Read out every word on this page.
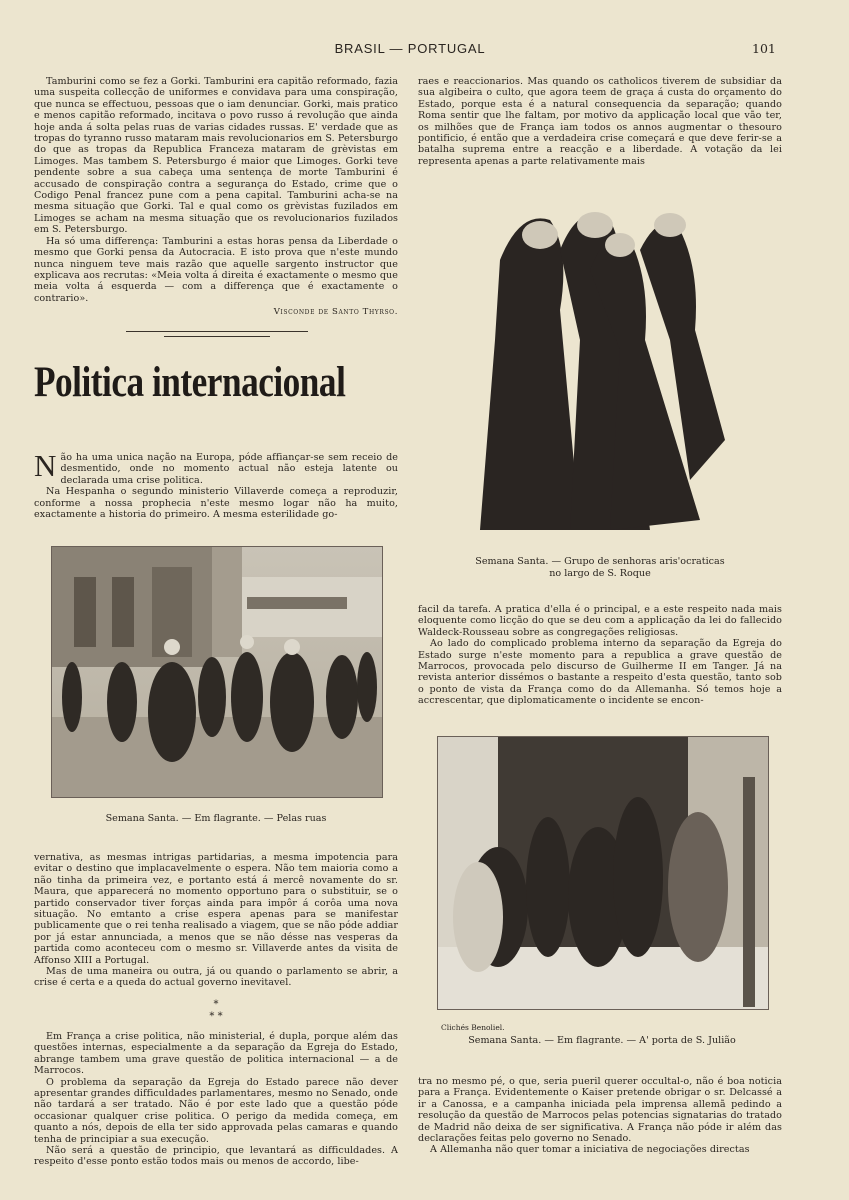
BRASIL — PORTUGAL	101

Tamburini como se fez a Gorki. Tamburini era capitão reformado, fazia uma suspeita collecção de uniformes e convidava para uma conspiração, que nunca se effectuou, pessoas que o iam denunciar. Gorki, mais pratico e menos capitão reformado, incitava o povo russo á revolução que ainda hoje anda á solta pelas ruas de varias cidades russas. E' verdade que as tropas do tyranno russo mataram mais revolucionarios em S. Petersburgo do que as tropas da Republica Franceza mataram de grèvistas em Limoges. Mas tambem S. Petersburgo é maior que Limoges. Gorki teve pendente sobre a sua cabeça uma sentença de morte Tamburini é accusado de conspiração contra a segurança do Estado, crime que o Codigo Penal francez pune com a pena capital. Tamburini acha-se na mesma situação que Gorki. Tal e qual como os grèvistas fuzilados em Limoges se acham na mesma situação que os revolucionarios fuzilados em S. Petersburgo.

Ha só uma differença: Tamburini a estas horas pensa da Liberdade o mesmo que Gorki pensa da Autocracia. E isto prova que n'este mundo nunca ninguem teve mais razão que aquelle sargento instructor que explicava aos recrutas: «Meia volta á direita é exactamente o mesmo que meia volta á esquerda — com a differença que é exactamente o contrario».

Visconde de Santo Thyrso.
Politica internacional

Não ha uma unica nação na Europa, póde affiançar-se sem receio de desmentido, onde no momento actual não esteja latente ou declarada uma crise politica.

Na Hespanha o segundo ministerio Villaverde começa a reproduzir, conforme a nossa prophecia n'este mesmo logar não ha muito, exactamente a historia do primeiro. A mesma esterilidade go-

Semana Santa. — Em flagrante. — Pelas ruas

vernativa, as mesmas intrigas partidarias, a mesma impotencia para evitar o destino que implacavelmente o espera. Não tem maioria como a não tinha da primeira vez, e portanto está á mercê novamente do sr. Maura, que apparecerá no momento opportuno para o substituir, se o partido conservador tiver forças ainda para impôr á corôa uma nova situação. No emtanto a crise espera apenas para se manifestar publicamente que o rei tenha realisado a viagem, que se não póde addiar por já estar annunciada, a menos que se não désse nas vesperas da partida como aconteceu com o mesmo sr. Villaverde antes da visita de Affonso XIII a Portugal.

Mas de uma maneira ou outra, já ou quando o parlamento se abrir, a crise é certa e a queda do actual governo inevitavel.

*
* *

Em França a crise politica, não ministerial, é dupla, porque além das questões internas, especialmente a da separação da Egreja do Estado, abrange tambem uma grave questão de politica internacional — a de Marrocos.

O problema da separação da Egreja do Estado parece não dever apresentar grandes difficuldades parlamentares, mesmo no Senado, onde não tardará a ser tratado. Não é por este lado que a questão póde occasionar qualquer crise politica. O perigo da medida começa, em quanto a nós, depois de ella ter sido approvada pelas camaras e quando tenha de principiar a sua execução.

Não será a questão de principio, que levantará as difficuldades. A respeito d'esse ponto estão todos mais ou menos de accordo, libe-

raes e reaccionarios. Mas quando os catholicos tiverem de subsidiar da sua algibeira o culto, que agora teem de graça á custa do orçamento do Estado, porque esta é a natural consequencia da separação; quando Roma sentir que lhe faltam, por motivo da applicação local que vão ter, os milhões que de França iam todos os annos augmentar o thesouro pontificio, é então que a verdadeira crise começará e que deve ferir-se a batalha suprema entre a reacção e a liberdade. A votação da lei representa apenas a parte relativamente mais

Semana Santa. — Grupo de senhoras aris'ocraticas
no largo de S. Roque

facil da tarefa. A pratica d'ella é o principal, e a este respeito nada mais eloquente como licção do que se deu com a applicação da lei do fallecido Waldeck-Rousseau sobre as congregações religiosas.

Ao lado do complicado problema interno da separação da Egreja do Estado surge n'este momento para a republica a grave questão de Marrocos, provocada pelo discurso de Guilherme II em Tanger. Já na revista anterior dissémos o bastante a respeito d'esta questão, tanto sob o ponto de vista da França como do da Allemanha. Só temos hoje a accrescentar, que diplomaticamente o incidente se encon-

Clichés Benoliel.
Semana Santa. — Em flagrante. — A' porta de S. Julião

tra no mesmo pé, o que, seria pueril querer occultal-o, não é boa noticia para a França. Evidentemente o Kaiser pretende obrigar o sr. Delcassé a ir a Canossa, e a campanha iniciada pela imprensa allemã pedindo a resolução da questão de Marrocos pelas potencias signatarias do tratado de Madrid não deixa de ser significativa. A França não póde ir além das declarações feitas pelo governo no Senado.

A Allemanha não quer tomar a iniciativa de negociações directas
